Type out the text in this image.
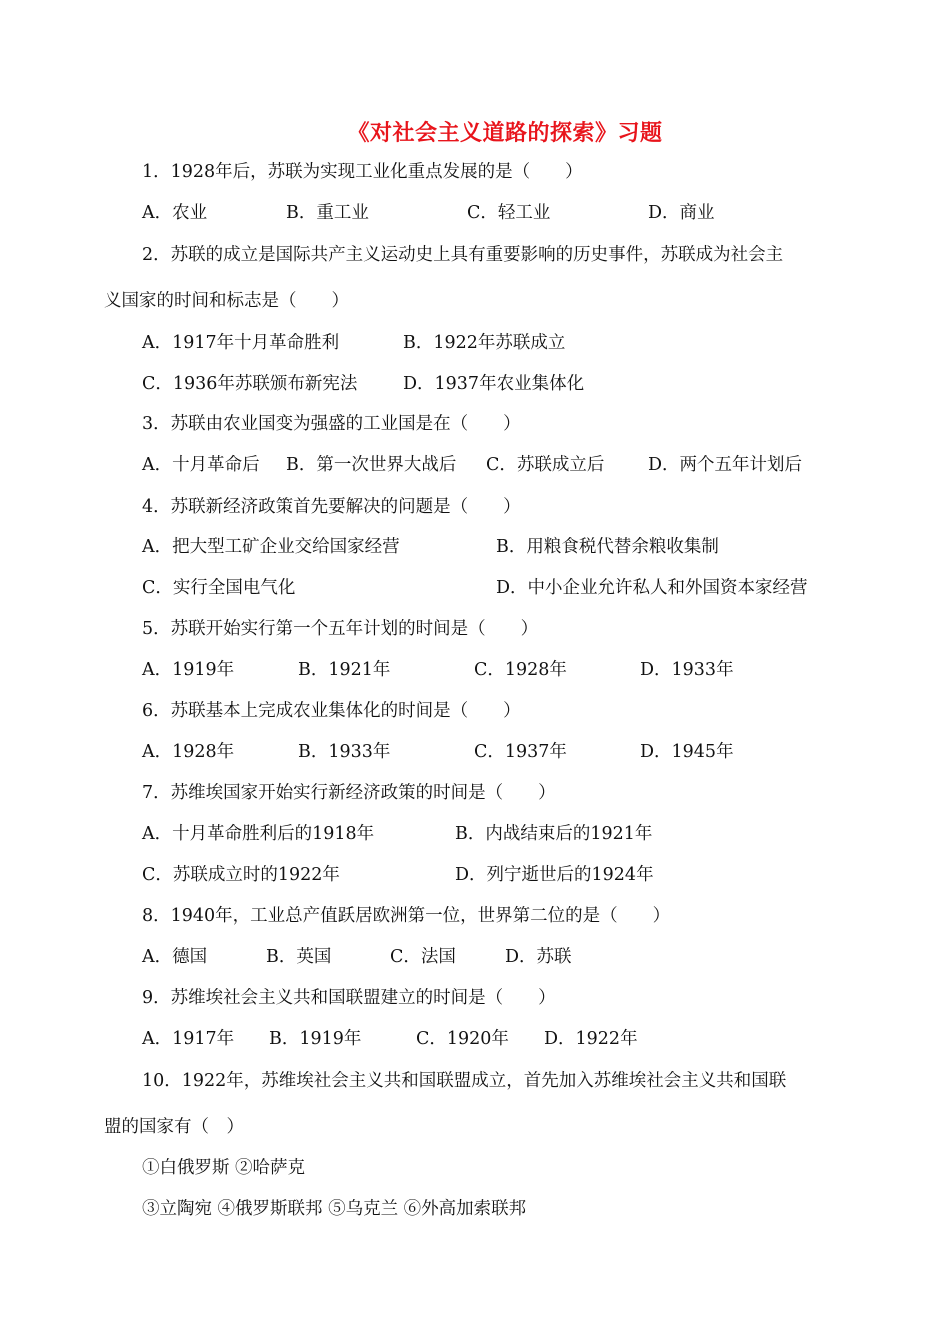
《对社会主义道路的探索》习题
1．1928年后，苏联为实现工业化重点发展的是（　　）
A．农业	B．重工业	C．轻工业	D．商业
2．苏联的成立是国际共产主义运动史上具有重要影响的历史事件，苏联成为社会主
义国家的时间和标志是（　　）
A．1917年十月革命胜利	B．1922年苏联成立
C．1936年苏联颁布新宪法	D．1937年农业集体化
3．苏联由农业国变为强盛的工业国是在（　　）
A．十月革命后 B．第一次世界大战后 C．苏联成立后 D．两个五年计划后
4．苏联新经济政策首先要解决的问题是（　　）
A．把大型工矿企业交给国家经营	B．用粮食税代替余粮收集制
C．实行全国电气化	D．中小企业允许私人和外国资本家经营
5．苏联开始实行第一个五年计划的时间是（　　）
A．1919年	B．1921年	C．1928年	D．1933年
6．苏联基本上完成农业集体化的时间是（　　）
A．1928年	B．1933年	C．1937年	D．1945年
7．苏维埃国家开始实行新经济政策的时间是（　　）
A．十月革命胜利后的1918年	B．内战结束后的1921年
C．苏联成立时的1922年	D．列宁逝世后的1924年
8．1940年，工业总产值跃居欧洲第一位，世界第二位的是（　　）
A．德国	B．英国	C．法国	D．苏联
9．苏维埃社会主义共和国联盟建立的时间是（　　）
A．1917年 B．1919年	C．1920年 D．1922年
10．1922年，苏维埃社会主义共和国联盟成立，首先加入苏维埃社会主义共和国联
盟的国家有（　）
①白俄罗斯 ②哈萨克
③立陶宛 ④俄罗斯联邦 ⑤乌克兰 ⑥外高加索联邦
